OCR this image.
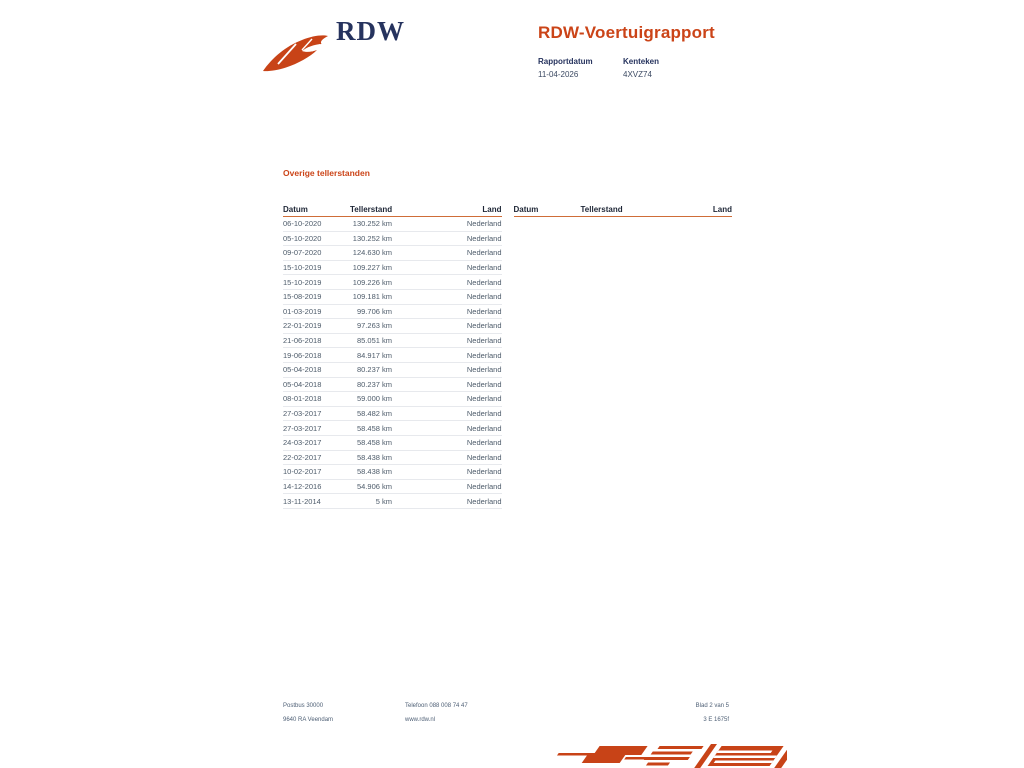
RDW	RDW-Voertuigrapport
Rapportdatum
11-04-2026
Kenteken
4XVZ74
Overige tellerstanden
Datum	Tellerstand	Land
06-10-2020	130.252 km	Nederland
05-10-2020	130.252 km	Nederland
09-07-2020	124.630 km	Nederland
15-10-2019	109.227 km	Nederland
15-10-2019	109.226 km	Nederland
15-08-2019	109.181 km	Nederland
01-03-2019	99.706 km	Nederland
22-01-2019	97.263 km	Nederland
21-06-2018	85.051 km	Nederland
19-06-2018	84.917 km	Nederland
05-04-2018	80.237 km	Nederland
05-04-2018	80.237 km	Nederland
08-01-2018	59.000 km	Nederland
27-03-2017	58.482 km	Nederland
27-03-2017	58.458 km	Nederland
24-03-2017	58.458 km	Nederland
22-02-2017	58.438 km	Nederland
10-02-2017	58.438 km	Nederland
14-12-2016	54.906 km	Nederland
13-11-2014	5 km	Nederland
Datum	Tellerstand	Land
Postbus 30000
9640 RA Veendam
Telefoon 088 008 74 47
www.rdw.nl
Blad 2 van 5
3 E 1675f
